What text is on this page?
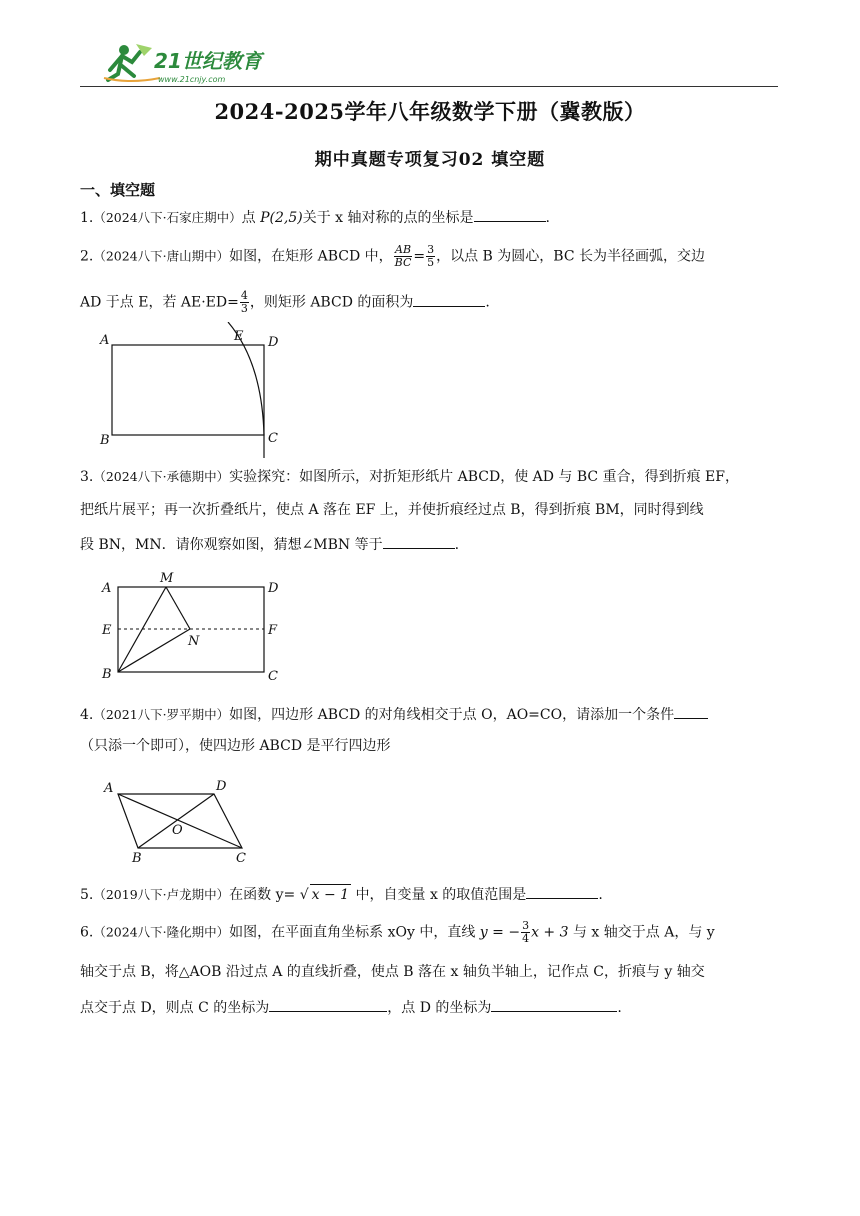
21世纪教育
www.21cnjy.com
2024-2025学年八年级数学下册（冀教版）
期中真题专项复习02 填空题
一、填空题
1.（2024八下·石家庄期中）点 P(2,5)关于 x 轴对称的点的坐标是	.
2.（2024八下·唐山期中）如图，在矩形 ABCD 中， $\frac{AB}{BC} = \frac{3}{5}$ ，以点 B 为圆心，BC 长为半径画弧，交边
AD 于点 E，若 $AE\cdot ED= \frac{4}{3}$ ，则矩形 ABCD 的面积为	.
A	E D
B	C
3.（2024八下·承德期中）实验探究：如图所示，对折矩形纸片 ABCD，使 AD 与 BC 重合，得到折痕 EF，
把纸片展平；再一次折叠纸片，使点 A 落在 EF 上，并使折痕经过点 B，得到折痕 BM，同时得到线
段 BN，MN．请你观察如图，猜想∠MBN 等于	.
A
M
D
E
N
F
B	C
4.（2021八下·罗平期中）如图，四边形 ABCD 的对角线相交于点 O，AO=CO，请添加一个条件
（只添一个即可），使四边形 ABCD 是平行四边形
A	D
O
B	C
5.（2019八下·卢龙期中）在函数 y= √ x − 1 中，自变量 x 的取值范围是	.
6.（2024八下·隆化期中）如图，在平面直角坐标系 xOy 中，直线 y = − $\frac{3}{4}$ x + 3 与 x 轴交于点 A，与 y
轴交于点 B，将△AOB 沿过点 A 的直线折叠，使点 B 落在 x 轴负半轴上，记作点 C，折痕与 y 轴交
点交于点 D，则点 C 的坐标为	，点 D 的坐标为	.
